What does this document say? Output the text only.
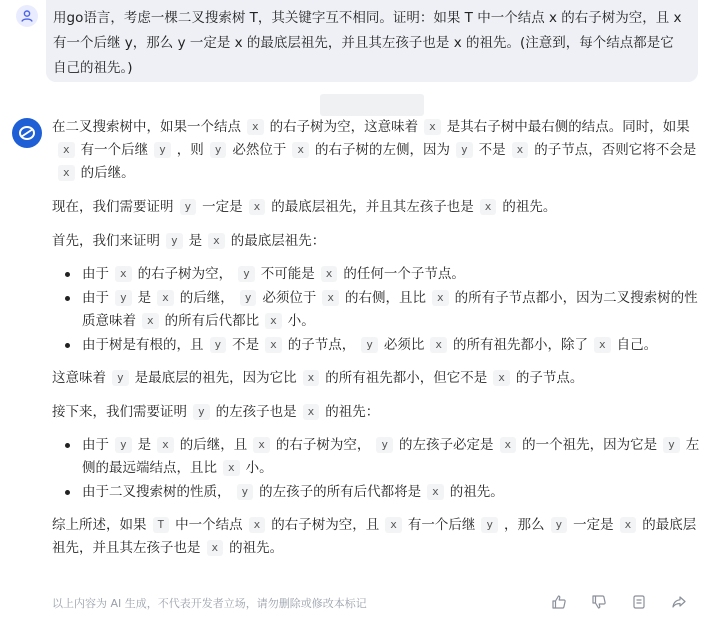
用go语言，考虑一棵二叉搜索树 T，其关键字互不相同。证明：如果 T 中一个结点 x 的右子树为空，且 x 有一个后继 y，那么 y 一定是 x 的最底层祖先，并且其左孩子也是 x 的祖先。(注意到，每个结点都是它自己的祖先。)

在二叉搜索树中，如果一个结点 x 的右子树为空，这意味着 x 是其右子树中最右侧的结点。同时，如果x 有一个后继 y ，则 y 必然位于 x 的右子树的左侧，因为 y 不是 x 的子节点，否则它将不会是x 的后继。

现在，我们需要证明 y 一定是 x 的最底层祖先，并且其左孩子也是 x 的祖先。

首先，我们来证明 y 是 x 的最底层祖先：

由于 x 的右子树为空， y 不可能是 x 的任何一个子节点。
由于 y 是 x 的后继， y 必须位于 x 的右侧，且比 x 的所有子节点都小，因为二叉搜索树的性质意味着 x 的所有后代都比 x 小。
由于树是有根的，且 y 不是 x 的子节点， y 必须比 x 的所有祖先都小，除了 x 自己。

这意味着 y 是最底层的祖先，因为它比 x 的所有祖先都小，但它不是 x 的子节点。

接下来，我们需要证明 y 的左孩子也是 x 的祖先：

由于 y 是 x 的后继，且 x 的右子树为空， y 的左孩子必定是 x 的一个祖先，因为它是 y 左侧的最远端结点，且比 x 小。
由于二叉搜索树的性质， y 的左孩子的所有后代都将是 x 的祖先。

综上所述，如果 T 中一个结点 x 的右子树为空，且 x 有一个后继 y ，那么 y 一定是 x 的最底层祖先，并且其左孩子也是 x 的祖先。

以上内容为 AI 生成，不代表开发者立场，请勿删除或修改本标记
